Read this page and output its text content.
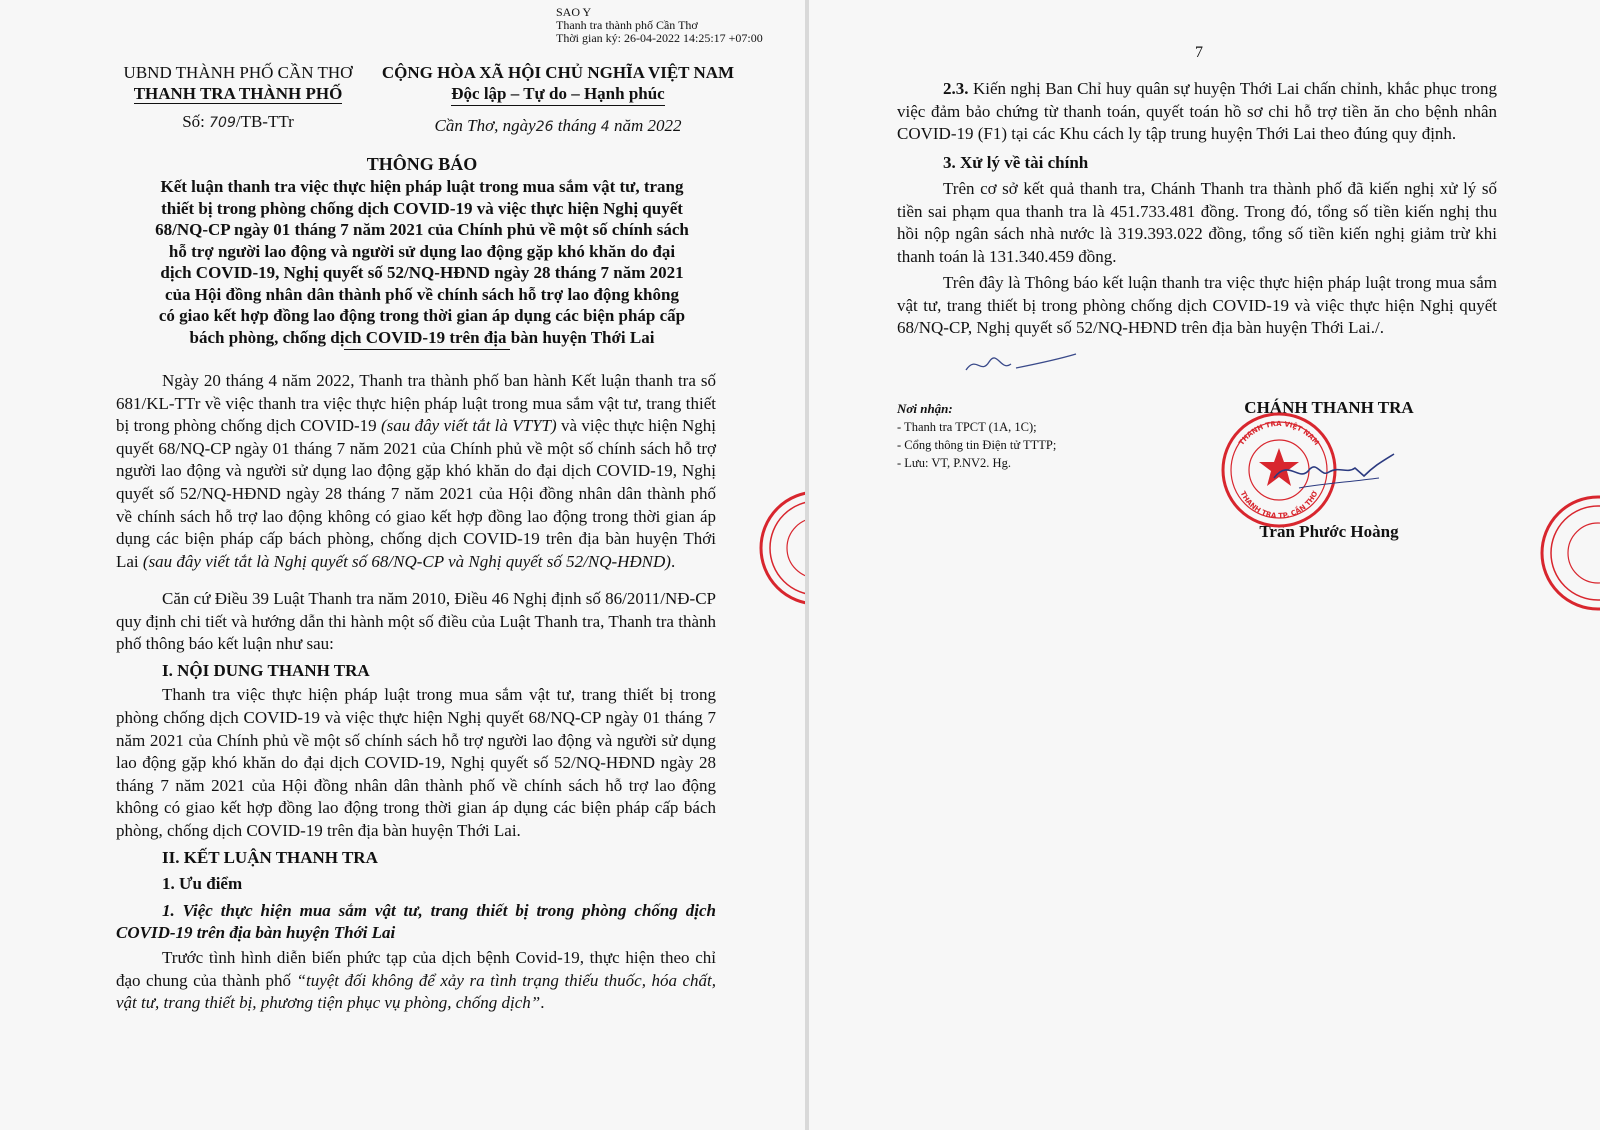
SAO Y
Thanh tra thành phố Cần Thơ
Thời gian ký: 26-04-2022 14:25:17 +07:00
UBND THÀNH PHỐ CẦN THƠ
THANH TRA THÀNH PHỐ
Số: 709/TB-TTr
CỘNG HÒA XÃ HỘI CHỦ NGHĨA VIỆT NAM
Độc lập – Tự do – Hạnh phúc
Cần Thơ, ngày26 tháng 4 năm 2022
THÔNG BÁO
Kết luận thanh tra việc thực hiện pháp luật trong mua sắm vật tư, trang
thiết bị trong phòng chống dịch COVID-19 và việc thực hiện Nghị quyết
68/NQ-CP ngày 01 tháng 7 năm 2021 của Chính phủ về một số chính sách
hỗ trợ người lao động và người sử dụng lao động gặp khó khăn do đại
dịch COVID-19, Nghị quyết số 52/NQ-HĐND ngày 28 tháng 7 năm 2021
của Hội đồng nhân dân thành phố về chính sách hỗ trợ lao động không
có giao kết hợp đồng lao động trong thời gian áp dụng các biện pháp cấp
bách phòng, chống dịch COVID-19 trên địa bàn huyện Thới Lai

Ngày 20 tháng 4 năm 2022, Thanh tra thành phố ban hành Kết luận thanh tra số 681/KL-TTr về việc thanh tra việc thực hiện pháp luật trong mua sắm vật tư, trang thiết bị trong phòng chống dịch COVID-19 (sau đây viết tắt là VTYT) và việc thực hiện Nghị quyết 68/NQ-CP ngày 01 tháng 7 năm 2021 của Chính phủ về một số chính sách hỗ trợ người lao động và người sử dụng lao động gặp khó khăn do đại dịch COVID-19, Nghị quyết số 52/NQ-HĐND ngày 28 tháng 7 năm 2021 của Hội đồng nhân dân thành phố về chính sách hỗ trợ lao động không có giao kết hợp đồng lao động trong thời gian áp dụng các biện pháp cấp bách phòng, chống dịch COVID-19 trên địa bàn huyện Thới Lai (sau đây viết tắt là Nghị quyết số 68/NQ-CP và Nghị quyết số 52/NQ-HĐND).

Căn cứ Điều 39 Luật Thanh tra năm 2010, Điều 46 Nghị định số 86/2011/NĐ-CP quy định chi tiết và hướng dẫn thi hành một số điều của Luật Thanh tra, Thanh tra thành phố thông báo kết luận như sau:

I. NỘI DUNG THANH TRA

Thanh tra việc thực hiện pháp luật trong mua sắm vật tư, trang thiết bị trong phòng chống dịch COVID-19 và việc thực hiện Nghị quyết 68/NQ-CP ngày 01 tháng 7 năm 2021 của Chính phủ về một số chính sách hỗ trợ người lao động và người sử dụng lao động gặp khó khăn do đại dịch COVID-19, Nghị quyết số 52/NQ-HĐND ngày 28 tháng 7 năm 2021 của Hội đồng nhân dân thành phố về chính sách hỗ trợ lao động không có giao kết hợp đồng lao động trong thời gian áp dụng các biện pháp cấp bách phòng, chống dịch COVID-19 trên địa bàn huyện Thới Lai.

II. KẾT LUẬN THANH TRA

1. Ưu điểm

1. Việc thực hiện mua sắm vật tư, trang thiết bị trong phòng chống dịch COVID-19 trên địa bàn huyện Thới Lai

Trước tình hình diễn biến phức tạp của dịch bệnh Covid-19, thực hiện theo chỉ đạo chung của thành phố “tuyệt đối không để xảy ra tình trạng thiếu thuốc, hóa chất, vật tư, trang thiết bị, phương tiện phục vụ phòng, chống dịch”.

7

2.3. Kiến nghị Ban Chỉ huy quân sự huyện Thới Lai chấn chỉnh, khắc phục trong việc đảm bảo chứng từ thanh toán, quyết toán hồ sơ chi hỗ trợ tiền ăn cho bệnh nhân COVID-19 (F1) tại các Khu cách ly tập trung huyện Thới Lai theo đúng quy định.

3. Xử lý về tài chính

Trên cơ sở kết quả thanh tra, Chánh Thanh tra thành phố đã kiến nghị xử lý số tiền sai phạm qua thanh tra là 451.733.481 đồng. Trong đó, tổng số tiền kiến nghị thu hồi nộp ngân sách nhà nước là 319.393.022 đồng, tổng số tiền kiến nghị giảm trừ khi thanh toán là 131.340.459 đồng.

Trên đây là Thông báo kết luận thanh tra việc thực hiện pháp luật trong mua sắm vật tư, trang thiết bị trong phòng chống dịch COVID-19 và việc thực hiện Nghị quyết 68/NQ-CP, Nghị quyết số 52/NQ-HĐND trên địa bàn huyện Thới Lai./.

Nơi nhận:
- Thanh tra TPCT (1A, 1C);
- Cổng thông tin Điện tử TTTP;
- Lưu: VT, P.NV2. Hg.
CHÁNH THANH TRA
Trần Phước Hoàng
THANH TRA VIỆT NAM
THANH TRA TP. CẦN THƠ
